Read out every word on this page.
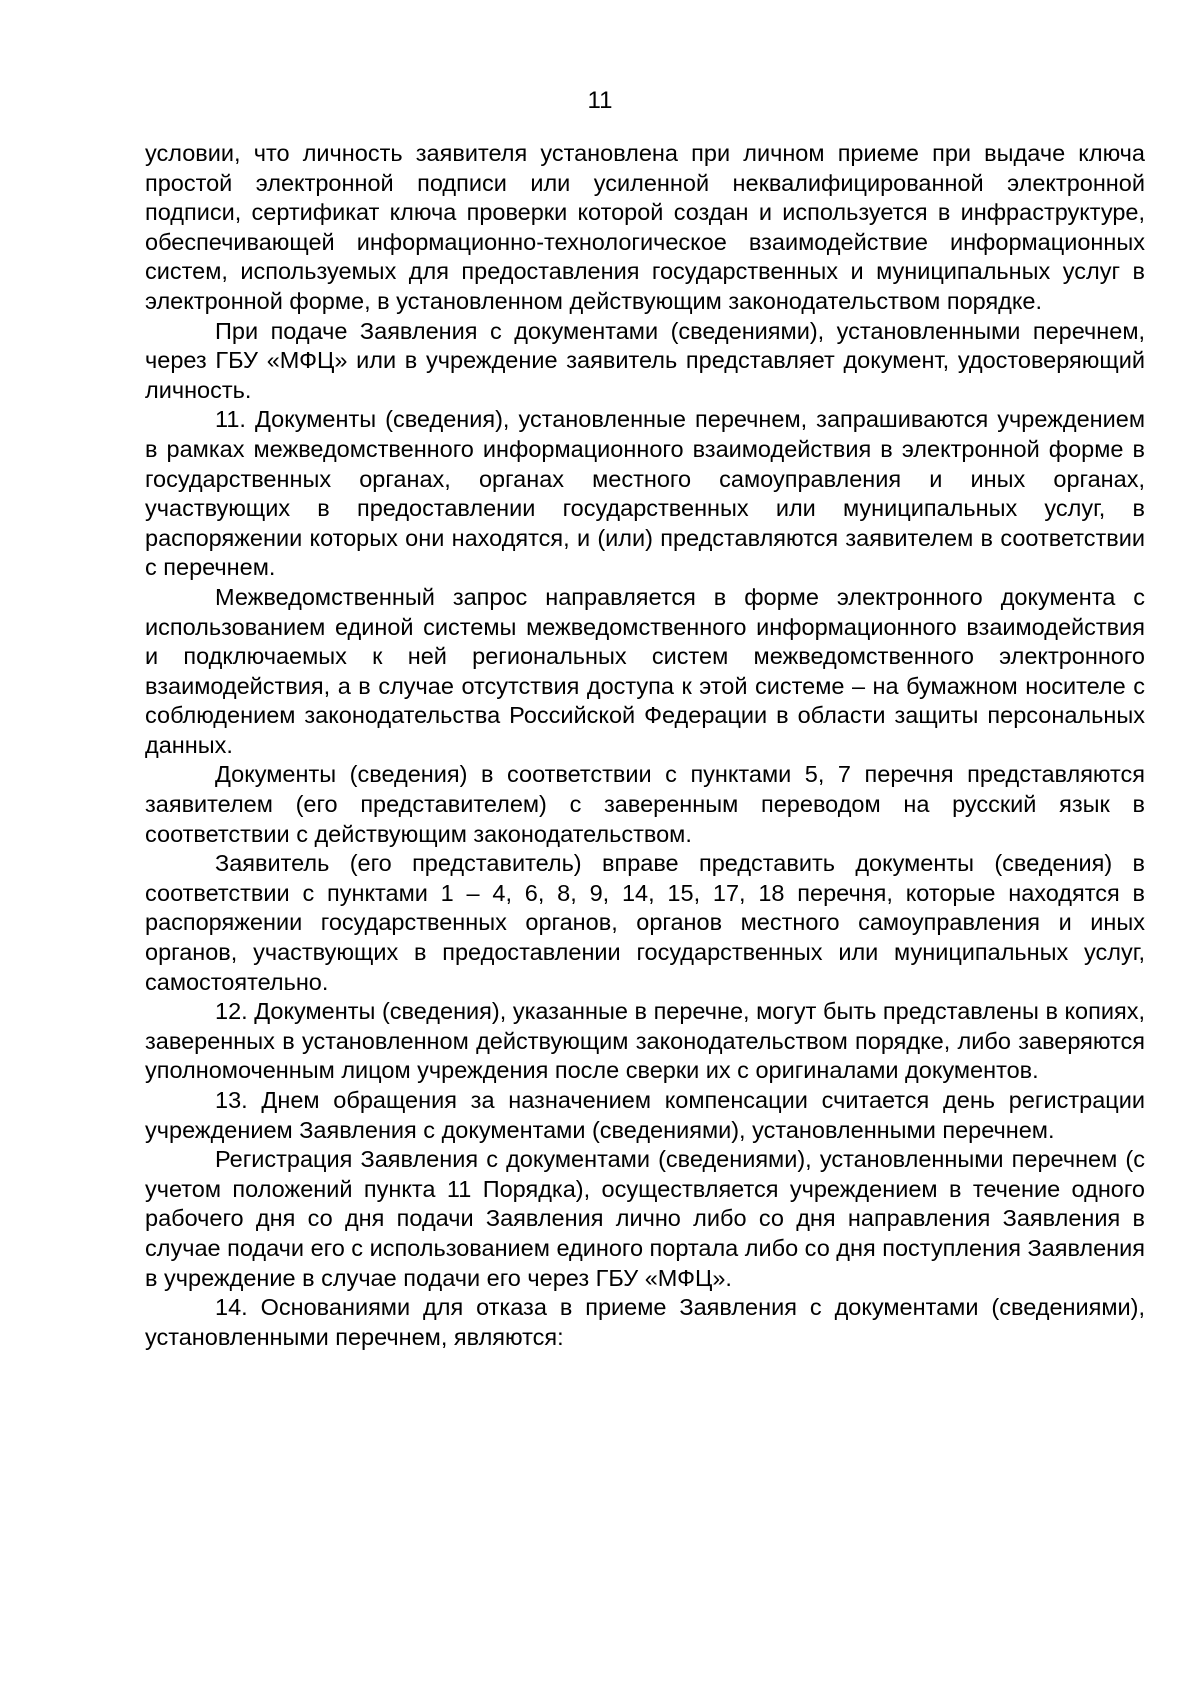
11

условии, что личность заявителя установлена при личном приеме при выдаче ключа простой электронной подписи или усиленной неквалифицированной электронной подписи, сертификат ключа проверки которой создан и используется в инфраструктуре, обеспечивающей информационно-технологическое взаимодействие информационных систем, используемых для предоставления государственных и муниципальных услуг в электронной форме, в установленном действующим законодательством порядке.

При подаче Заявления с документами (сведениями), установленными перечнем, через ГБУ «МФЦ» или в учреждение заявитель представляет документ, удостоверяющий личность.

11. Документы (сведения), установленные перечнем, запрашиваются учреждением в рамках межведомственного информационного взаимодействия в электронной форме в государственных органах, органах местного самоуправления и иных органах, участвующих в предоставлении государственных или муниципальных услуг, в распоряжении которых они находятся, и (или) представляются заявителем в соответствии с перечнем.

Межведомственный запрос направляется в форме электронного документа с использованием единой системы межведомственного информационного взаимодействия и подключаемых к ней региональных систем межведомственного электронного взаимодействия, а в случае отсутствия доступа к этой системе – на бумажном носителе с соблюдением законодательства Российской Федерации в области защиты персональных данных.

Документы (сведения) в соответствии с пунктами 5, 7 перечня представляются заявителем (его представителем) с заверенным переводом на русский язык в соответствии с действующим законодательством.

Заявитель (его представитель) вправе представить документы (сведения) в соответствии с пунктами 1 – 4, 6, 8, 9, 14, 15, 17, 18 перечня, которые находятся в распоряжении государственных органов, органов местного самоуправления и иных органов, участвующих в предоставлении государственных или муниципальных услуг, самостоятельно.

12. Документы (сведения), указанные в перечне, могут быть представлены в копиях, заверенных в установленном действующим законодательством порядке, либо заверяются уполномоченным лицом учреждения после сверки их с оригиналами документов.

13. Днем обращения за назначением компенсации считается день регистрации учреждением Заявления с документами (сведениями), установленными перечнем.

Регистрация Заявления с документами (сведениями), установленными перечнем (с учетом положений пункта 11 Порядка), осуществляется учреждением в течение одного рабочего дня со дня подачи Заявления лично либо со дня направления Заявления в случае подачи его с использованием единого портала либо со дня поступления Заявления в учреждение в случае подачи его через ГБУ «МФЦ».

14. Основаниями для отказа в приеме Заявления с документами (сведениями), установленными перечнем, являются:
